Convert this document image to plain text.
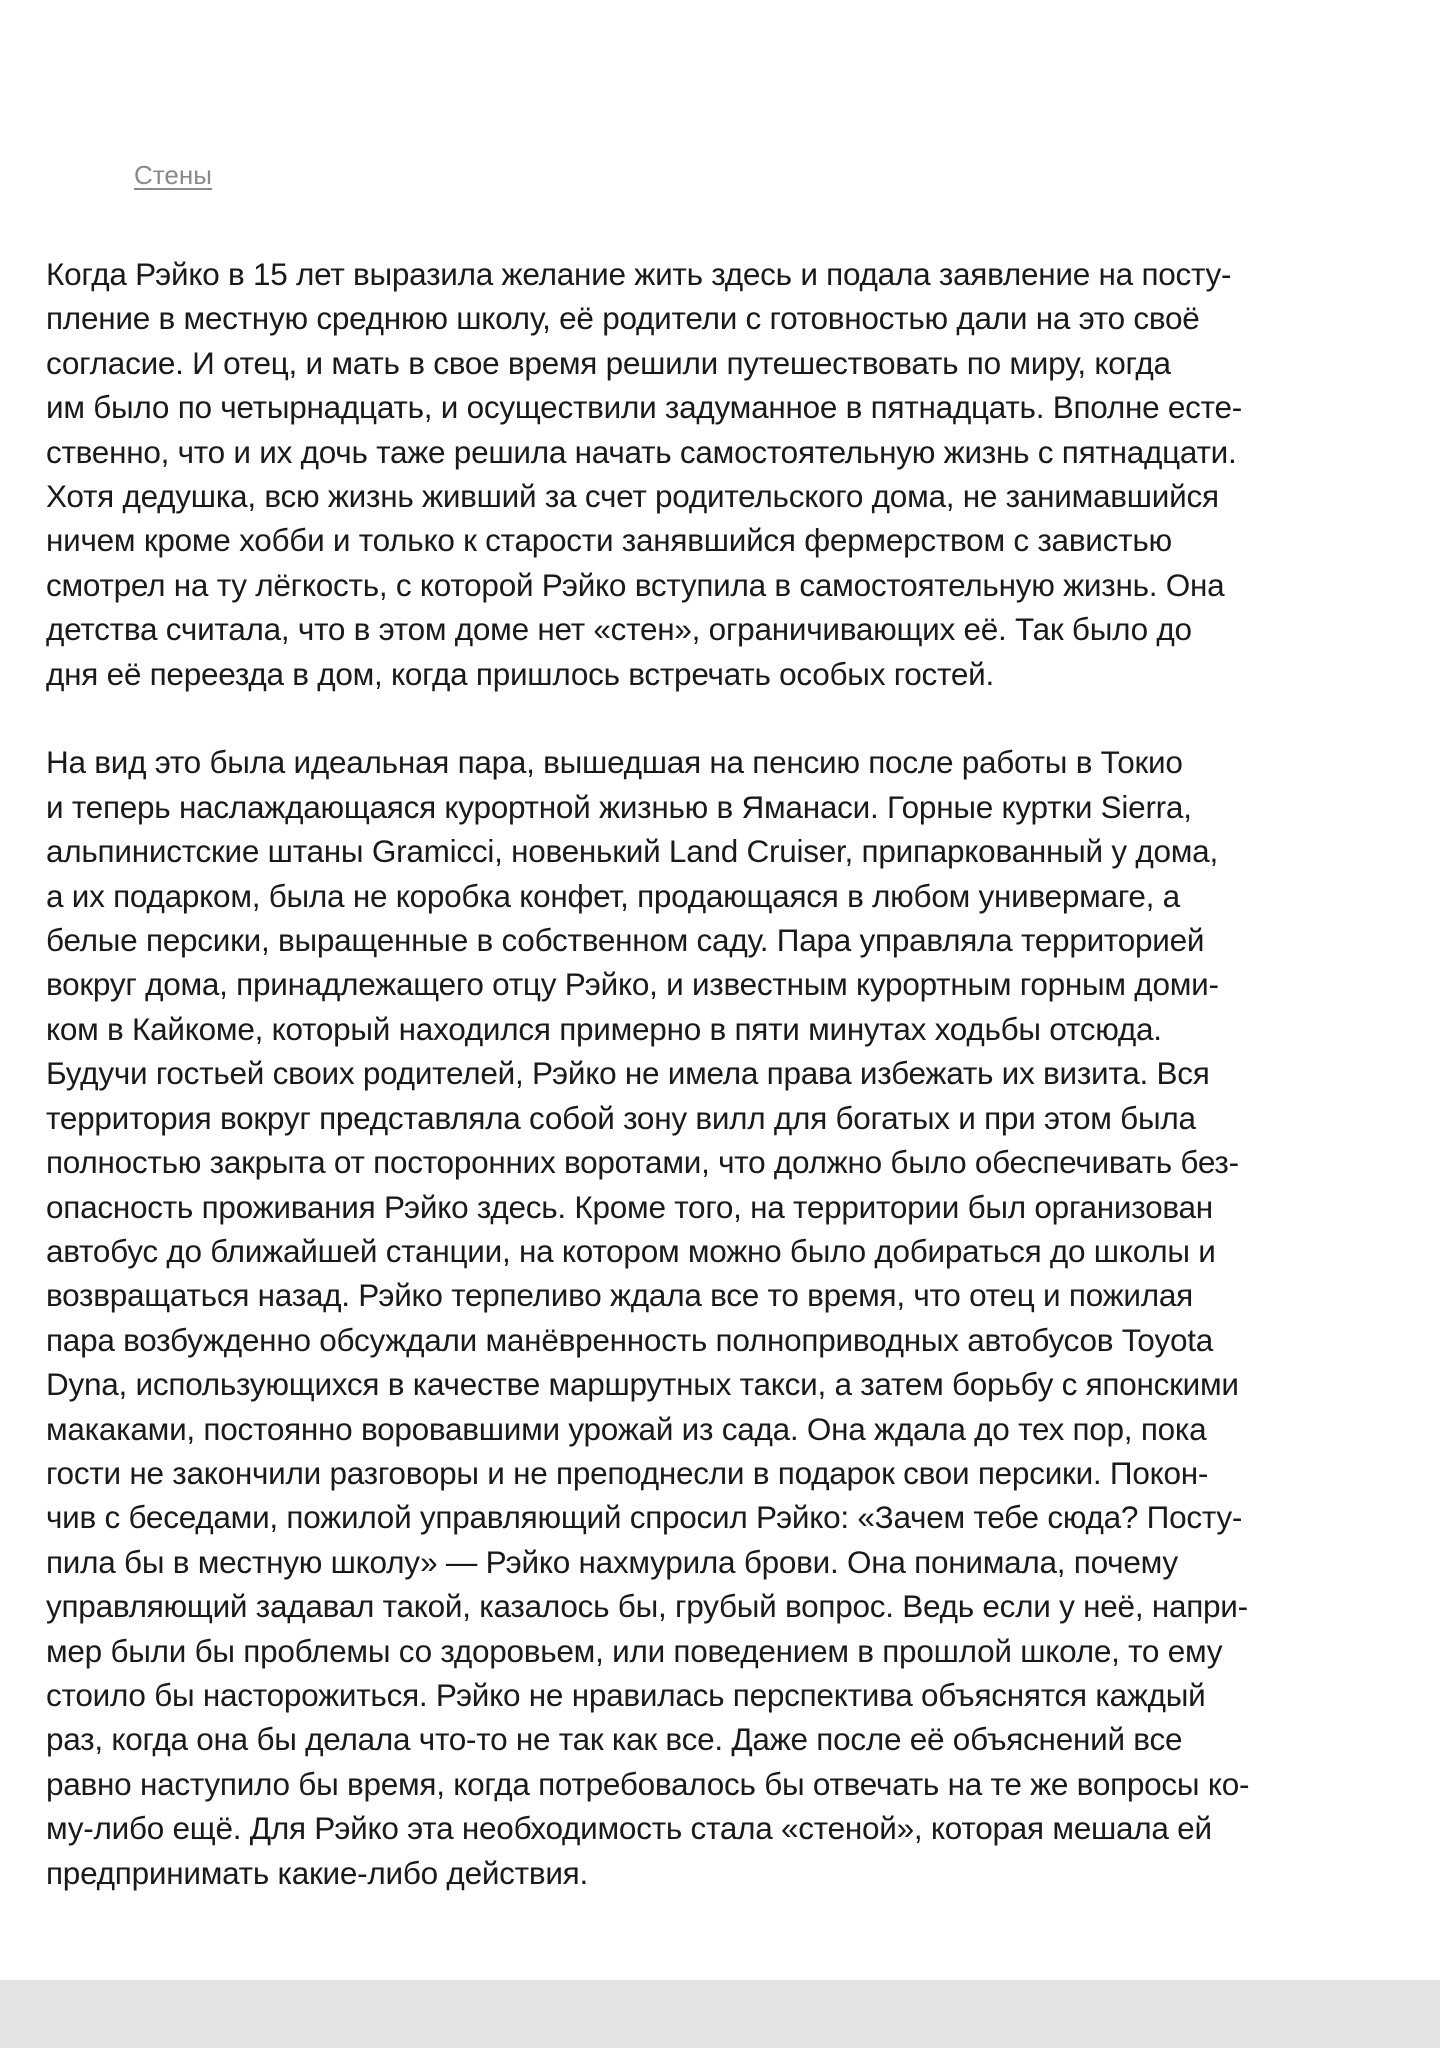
Стены
Когда Рэйко в 15 лет выразила желание жить здесь и подала заявление на посту-
пление в местную среднюю школу, её родители с готовностью дали на это своё
согласие. И отец, и мать в свое время решили путешествовать по миру, когда
им было по четырнадцать, и осуществили задуманное в пятнадцать. Вполне есте-
ственно, что и их дочь таже решила начать самостоятельную жизнь с пятнадцати.
Хотя дедушка, всю жизнь живший за счет родительского дома, не занимавшийся
ничем кроме хобби и только к старости занявшийся фермерством с завистью
смотрел на ту лёгкость, с которой Рэйко вступила в самостоятельную жизнь. Она
детства считала, что в этом доме нет «стен», ограничивающих её. Так было до
дня её переезда в дом, когда пришлось встречать особых гостей.
На вид это была идеальная пара, вышедшая на пенсию после работы в Токио
и теперь наслаждающаяся курортной жизнью в Яманаси. Горные куртки Sierra,
альпинистские штаны Gramicci, новенький Land Cruiser, припаркованный у дома,
а их подарком, была не коробка конфет, продающаяся в любом универмаге, а
белые персики, выращенные в собственном саду. Пара управляла территорией
вокруг дома, принадлежащего отцу Рэйко, и известным курортным горным доми-
ком в Кайкоме, который находился примерно в пяти минутах ходьбы отсюда.
Будучи гостьей своих родителей, Рэйко не имела права избежать их визита. Вся
территория вокруг представляла собой зону вилл для богатых и при этом была
полностью закрыта от посторонних воротами, что должно было обеспечивать без-
опасность проживания Рэйко здесь. Кроме того, на территории был организован
автобус до ближайшей станции, на котором можно было добираться до школы и
возвращаться назад. Рэйко терпеливо ждала все то время, что отец и пожилая
пара возбужденно обсуждали манёвренность полноприводных автобусов Toyota
Dyna, использующихся в качестве маршрутных такси, а затем борьбу с японскими
макаками, постоянно воровавшими урожай из сада. Она ждала до тех пор, пока
гости не закончили разговоры и не преподнесли в подарок свои персики. Покон-
чив с беседами, пожилой управляющий спросил Рэйко: «Зачем тебе сюда? Посту-
пила бы в местную школу» — Рэйко нахмурила брови. Она понимала, почему
управляющий задавал такой, казалось бы, грубый вопрос. Ведь если у неё, напри-
мер были бы проблемы со здоровьем, или поведением в прошлой школе, то ему
стоило бы насторожиться. Рэйко не нравилась перспектива объяснятся каждый
раз, когда она бы делала что-то не так как все. Даже после её объяснений все
равно наступило бы время, когда потребовалось бы отвечать на те же вопросы ко-
му-либо ещё. Для Рэйко эта необходимость стала «стеной», которая мешала ей
предпринимать какие-либо действия.
